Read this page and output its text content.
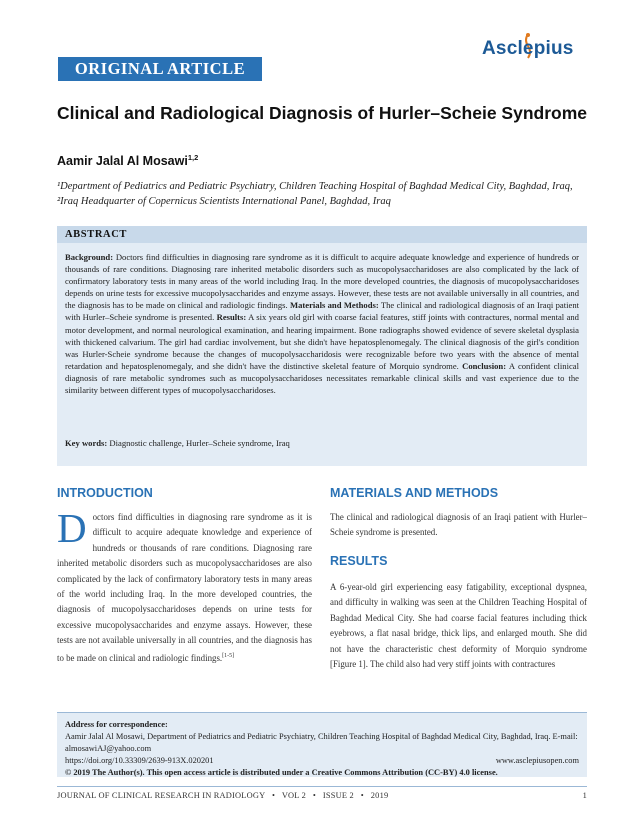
ORIGINAL ARTICLE
Asclepius
Clinical and Radiological Diagnosis of Hurler–Scheie Syndrome
Aamir Jalal Al Mosawi$^{1,2}$
¹Department of Pediatrics and Pediatric Psychiatry, Children Teaching Hospital of Baghdad Medical City, Baghdad, Iraq, ²Iraq Headquarter of Copernicus Scientists International Panel, Baghdad, Iraq
ABSTRACT
Background: Doctors find difficulties in diagnosing rare syndrome as it is difficult to acquire adequate knowledge and experience of hundreds or thousands of rare conditions. Diagnosing rare inherited metabolic disorders such as mucopolysaccharidoses are also complicated by the lack of confirmatory laboratory tests in many areas of the world including Iraq. In the more developed countries, the diagnosis of mucopolysaccharidoses depends on urine tests for excessive mucopolysaccharides and enzyme assays. However, these tests are not available universally in all countries, and the diagnosis has to be made on clinical and radiologic findings. Materials and Methods: The clinical and radiological diagnosis of an Iraqi patient with Hurler–Scheie syndrome is presented. Results: A six years old girl with coarse facial features, stiff joints with contractures, normal mental and motor development, and normal neurological examination, and hearing impairment. Bone radiographs showed evidence of severe skeletal dysplasia with thickened calvarium. The girl had cardiac involvement, but she didn't have hepatosplenomegaly. The clinical diagnosis of the girl's condition was Hurler-Scheie syndrome because the changes of mucopolysaccharidosis were recognizable before two years with the absence of mental retardation and hepatosplenomegaly, and she didn't have the distinctive skeletal feature of Morquio syndrome. Conclusion: A confident clinical diagnosis of rare metabolic syndromes such as mucopolysaccharidoses necessitates remarkable clinical skills and vast experience due to the similarity between different types of mucopolysaccharidoses.
Key words: Diagnostic challenge, Hurler–Scheie syndrome, Iraq
INTRODUCTION
Doctors find difficulties in diagnosing rare syndrome as it is difficult to acquire adequate knowledge and experience of hundreds or thousands of rare conditions. Diagnosing rare inherited metabolic disorders such as mucopolysaccharidoses are also complicated by the lack of confirmatory laboratory tests in many areas of the world including Iraq. In the more developed countries, the diagnosis of mucopolysaccharidoses depends on urine tests for excessive mucopolysaccharides and enzyme assays. However, these tests are not available universally in all countries, and the diagnosis has to be made on clinical and radiologic findings.[1-5]
MATERIALS AND METHODS
The clinical and radiological diagnosis of an Iraqi patient with Hurler–Scheie syndrome is presented.
RESULTS
A 6-year-old girl experiencing easy fatigability, exceptional dyspnea, and difficulty in walking was seen at the Children Teaching Hospital of Baghdad Medical City. She had coarse facial features including thick eyebrows, a flat nasal bridge, thick lips, and enlarged mouth. She did not have the characteristic chest deformity of Morquio syndrome [Figure 1]. The child also had very stiff joints with contractures
Address for correspondence:
Aamir Jalal Al Mosawi, Department of Pediatrics and Pediatric Psychiatry, Children Teaching Hospital of Baghdad Medical City, Baghdad, Iraq. E-mail: almosawiAJ@yahoo.com
https://doi.org/10.33309/2639-913X.020201	www.asclepiusopen.com
© 2019 The Author(s). This open access article is distributed under a Creative Commons Attribution (CC-BY) 4.0 license.
JOURNAL OF CLINICAL RESEARCH IN RADIOLOGY • VOL 2 • ISSUE 2 • 2019	1
